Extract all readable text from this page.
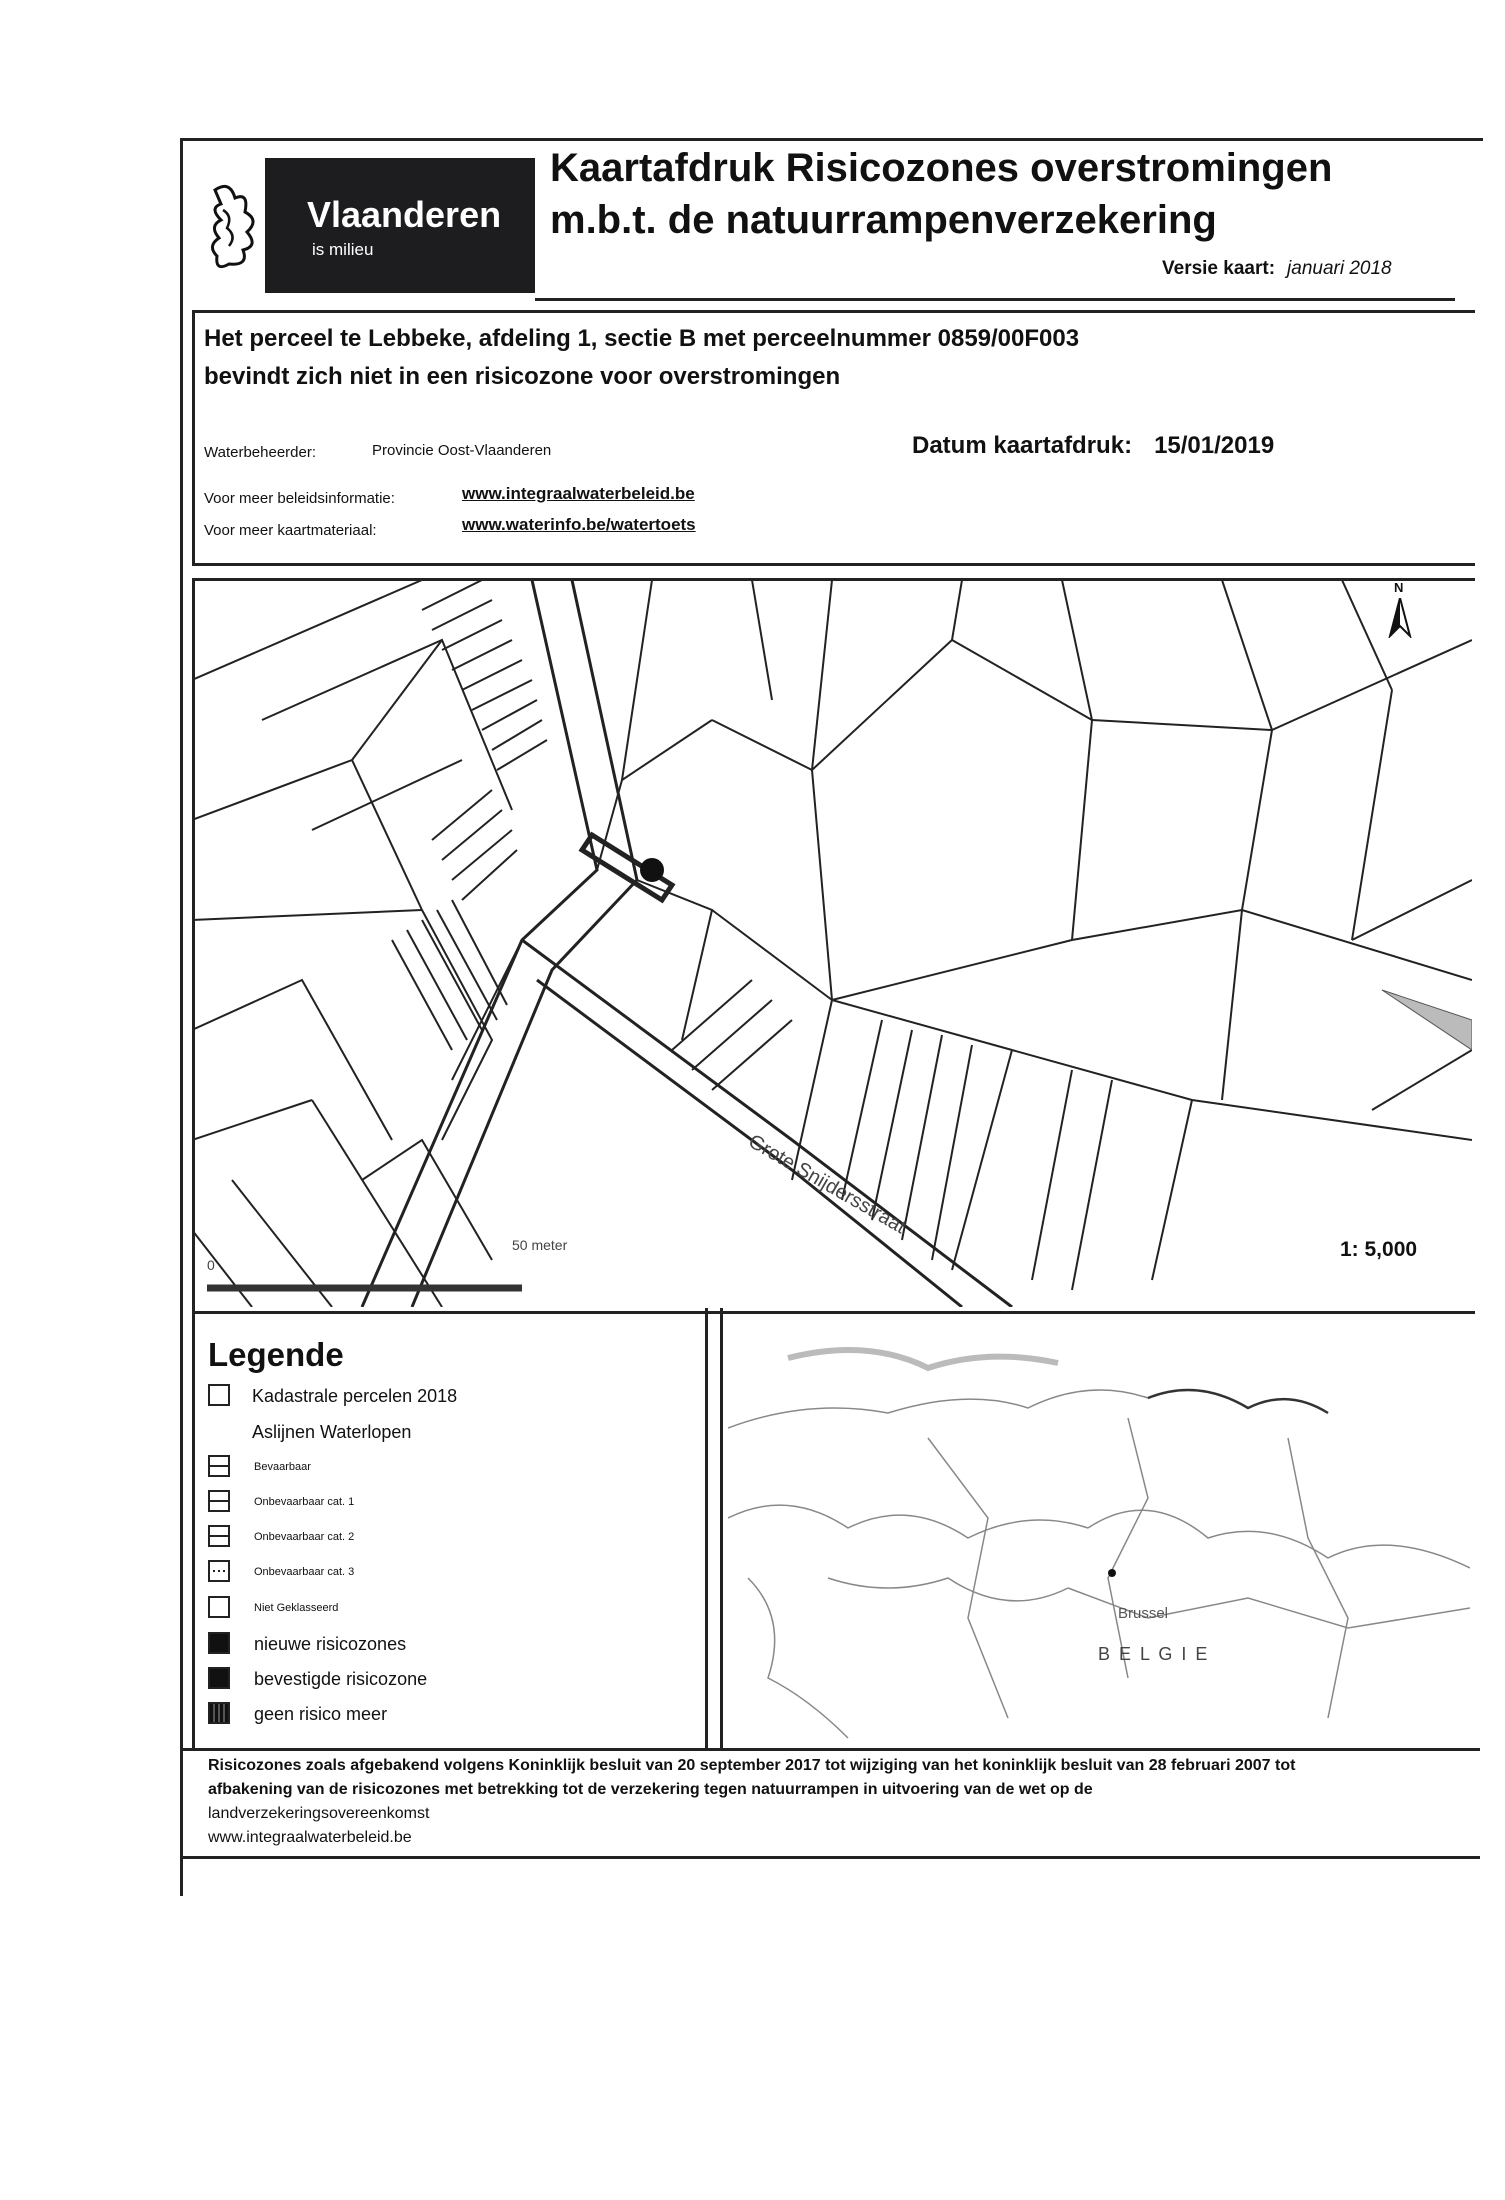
Vlaanderen
is milieu
Kaartafdruk Risicozones overstromingen
m.b.t. de natuurrampenverzekering
Versie kaart: januari 2018
Het perceel te Lebbeke, afdeling 1, sectie B met perceelnummer 0859/00F003
bevindt zich niet in een risicozone voor overstromingen
Waterbeheerder:	Provincie Oost-Vlaanderen	Datum kaartafdruk: 15/01/2019
Voor meer beleidsinformatie:	www.integraalwaterbeleid.be
Voor meer kaartmateriaal:	www.waterinfo.be/watertoets
Grote Snijdersstraat
0
50 meter
N
1: 5,000
Legende
Kadastrale percelen 2018
Aslijnen Waterlopen
Bevaarbaar
Onbevaarbaar cat. 1
Onbevaarbaar cat. 2
Onbevaarbaar cat. 3
Niet Geklasseerd
nieuwe risicozones
bevestigde risicozone
geen risico meer
Brussel
B E L G I E
Risicozones zoals afgebakend volgens Koninklijk besluit van 20 september 2017 tot wijziging van het koninklijk besluit van 28 februari 2007 tot
afbakening van de risicozones met betrekking tot de verzekering tegen natuurrampen in uitvoering van de wet op de
landverzekeringsovereenkomst
www.integraalwaterbeleid.be
